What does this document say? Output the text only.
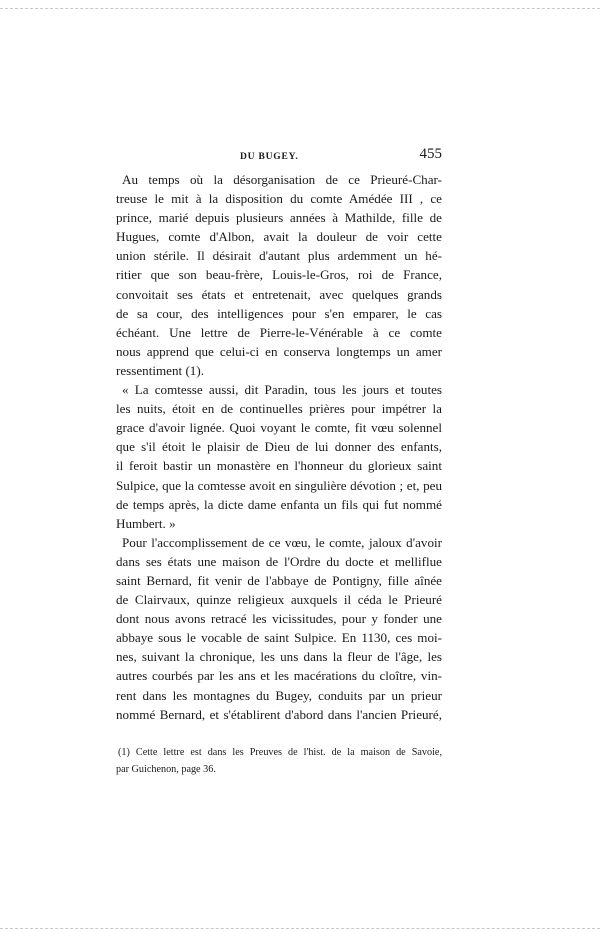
DU BUGEY.	455

Au temps où la désorganisation de ce Prieuré-Char-
treuse le mit à la disposition du comte Amédée III , ce
prince, marié depuis plusieurs années à Mathilde, fille de
Hugues, comte d'Albon, avait la douleur de voir cette
union stérile. Il désirait d'autant plus ardemment un hé-
ritier que son beau-frère, Louis-le-Gros, roi de France,
convoitait ses états et entretenait, avec quelques grands
de sa cour, des intelligences pour s'en emparer, le cas
échéant. Une lettre de Pierre-le-Vénérable à ce comte
nous apprend que celui-ci en conserva longtemps un amer
ressentiment (1).

« La comtesse aussi, dit Paradin, tous les jours et toutes
les nuits, étoit en de continuelles prières pour impétrer la
grace d'avoir lignée. Quoi voyant le comte, fit vœu solennel
que s'il étoit le plaisir de Dieu de lui donner des enfants,
il feroit bastir un monastère en l'honneur du glorieux saint
Sulpice, que la comtesse avoit en singulière dévotion ; et, peu
de temps après, la dicte dame enfanta un fils qui fut nommé
Humbert. »

Pour l'accomplissement de ce vœu, le comte, jaloux d'avoir
dans ses états une maison de l'Ordre du docte et melliflue
saint Bernard, fit venir de l'abbaye de Pontigny, fille aînée
de Clairvaux, quinze religieux auxquels il céda le Prieuré
dont nous avons retracé les vicissitudes, pour y fonder une
abbaye sous le vocable de saint Sulpice. En 1130, ces moi-
nes, suivant la chronique, les uns dans la fleur de l'âge, les
autres courbés par les ans et les macérations du cloître, vin-
rent dans les montagnes du Bugey, conduits par un prieur
nommé Bernard, et s'établirent d'abord dans l'ancien Prieuré,

(1) Cette lettre est dans les Preuves de l'hist. de la maison de Savoie,
par Guichenon, page 36.
